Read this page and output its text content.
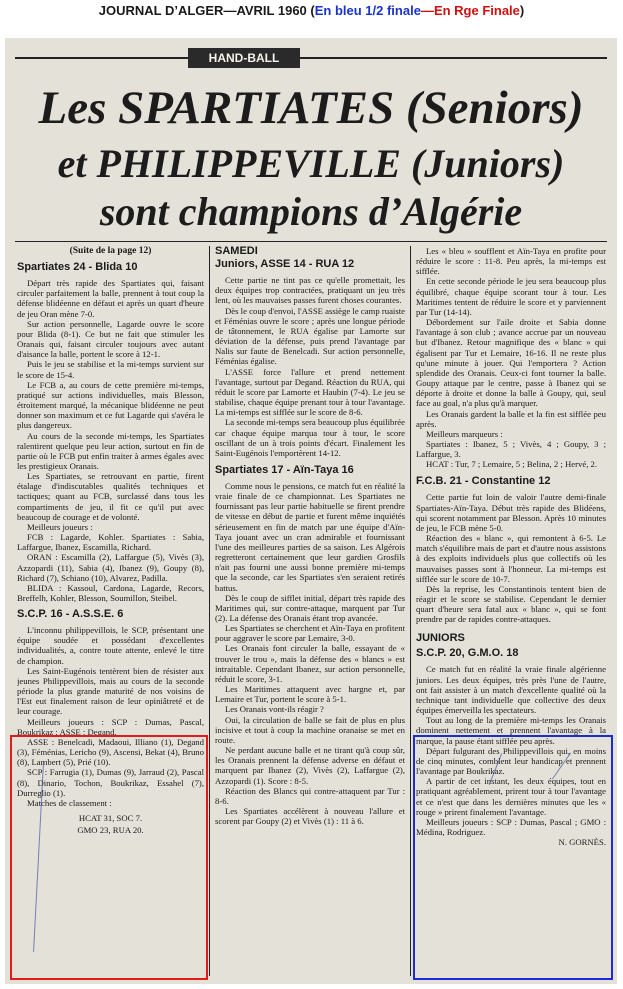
JOURNAL D’ALGER—AVRIL 1960 (En bleu 1/2 finale—En Rge Finale)
HAND-BALL
Les SPARTIATES (Seniors)
et PHILIPPEVILLE (Juniors)
sont champions d’Algérie

(Suite de la page 12)

Spartiates 24 - Blida 10

Départ très rapide des Spartiates qui, faisant circuler parfaitement la balle, prennent à tout coup la défense blidéenne en défaut et après un quart d'heure de jeu Oran mène 7-0.

Sur action personnelle, Lagarde ouvre le score pour Blida (8-1). Ce but ne fait que stimuler les Oranais qui, faisant circuler toujours avec autant d'aisance la balle, portent le score à 12-1.

Puis le jeu se stabilise et la mi-temps survient sur le score de 15-4.

Le FCB a, au cours de cette première mi-temps, pratiqué sur actions individuelles, mais Blesson, étroitement marqué, la mécanique blidéenne ne peut donner son maximum et ce fut Lagarde qui s'avéra le plus dangereux.

Au cours de la seconde mi-temps, les Spartiates ralentirent quelque peu leur action, surtout en fin de partie où le FCB put enfin traiter à armes égales avec les prestigieux Oranais.

Les Spartiates, se retrouvant en partie, firent étalage d'indiscutables qualités techniques et tactiques; quant au FCB, surclassé dans tous les compartiments de jeu, il fit ce qu'il put avec beaucoup de courage et de volonté.

Meilleurs joueurs :

FCB : Lagarde, Kohler. Spartiates : Sabia, Laffargue, Ibanez, Escamilla, Richard.

ORAN : Escamilla (2), Laffargue (5), Vivès (3), Azzopardi (11), Sabia (4), Ibanez (9), Goupy (8), Richard (7), Schiano (10), Alvarez, Padilla.

BLIDA : Kassoul, Cardona, Lagarde, Recors, Breffelh, Kohler, Blesson, Soumillon, Steibel.

S.C.P. 16 - A.S.S.E. 6

L'inconnu philippevillois, le SCP, présentant une équipe soudée et possédant d'excellentes individualités, a, contre toute attente, enlevé le titre de champion.

Les Saint-Eugénois tentèrent bien de résister aux jeunes Philippevillois, mais au cours de la seconde période la plus grande maturité de nos voisins de l'Est eut finalement raison de leur opiniâtreté et de leur courage.

Meilleurs joueurs : SCP : Dumas, Pascal, Boukrikaz ; ASSE : Degand.

ASSE : Benelcadi, Madaoui, Illiano (1), Degand (3), Féménias, Lericho (9), Ascensi, Bekat (4), Bruno (8), Lambert (5), Prié (10).

SCP : Farrugia (1), Dumas (9), Jarraud (2), Pascal (8), Dinario, Tochon, Boukrikaz, Essahel (7), Durreglio (1).

Matches de classement :

HCAT 31, SOC 7.

GMO 23, RUA 20.

SAMEDI

Juniors, ASSE 14 - RUA 12

Cette partie ne tint pas ce qu'elle promettait, les deux équipes trop contractées, pratiquant un jeu très lent, où les mauvaises passes furent choses courantes.

Dès le coup d'envoi, l'ASSE assiège le camp ruaiste et Féménias ouvre le score ; après une longue période de tâtonnement, le RUA égalise par Lamorte sur déviation de la défense, puis prend l'avantage par Nalis sur faute de Benelcadi. Sur action personnelle, Féménias égalise.

L'ASSE force l'allure et prend nettement l'avantage, surtout par Degand. Réaction du RUA, qui réduit le score par Lamorte et Haubin (7-4). Le jeu se stabilise, chaque équipe prenant tour à tour l'avantage. La mi-temps est sifflée sur le score de 8-6.

La seconde mi-temps sera beaucoup plus équilibrée car chaque équipe marqua tour à tour, le score oscillant de un à trois points d'écart. Finalement les Saint-Eugénois l'emportèrent 14-12.

Spartiates 17 - Aïn-Taya 16

Comme nous le pensions, ce match fut en réalité la vraie finale de ce championnat. Les Spartiates ne fournissant pas leur partie habituelle se firent prendre de vitesse en début de partie et furent même inquiétés sérieusement en fin de match par une équipe d'Aïn-Taya jouant avec un cran admirable et fournissant l'une des meilleures parties de sa saison. Les Algérois regretteront certainement que leur gardien Grosfils n'ait pas fourni une aussi bonne première mi-temps que la seconde, car les Spartiates s'en seraient retirés battus.

Dès le coup de sifflet initial, départ très rapide des Maritimes qui, sur contre-attaque, marquent par Tur (2). La défense des Oranais étant trop avancée.

Les Spartiates se cherchent et Aïn-Taya en profitent pour aggraver le score par Lemaire, 3-0.

Les Oranais font circuler la balle, essayant de « trouver le trou », mais la défense des « blancs » est intraitable. Cependant Ibanez, sur action personnelle, réduit le score, 3-1.

Les Maritimes attaquent avec hargne et, par Lemaire et Tur, portent le score à 5-1.

Les Oranais vont-ils réagir ?

Oui, la circulation de balle se fait de plus en plus incisive et tout à coup la machine oranaise se met en route.

Ne perdant aucune balle et ne tirant qu'à coup sûr, les Oranais prennent la défense adverse en défaut et marquent par Ibanez (2), Vivès (2), Laffargue (2), Azzopardi (1). Score : 8-5.

Réaction des Blancs qui contre-attaquent par Tur : 8-6.

Les Spartiates accélèrent à nouveau l'allure et scorent par Goupy (2) et Vivès (1) : 11 à 6.

Les « bleu » soufflent et Aïn-Taya en profite pour réduire le score : 11-8. Peu après, la mi-temps est sifflée.

En cette seconde période le jeu sera beaucoup plus équilibré, chaque équipe scorant tour à tour. Les Maritimes tentent de réduire le score et y parviennent par Tur (14-14).

Débordement sur l'aile droite et Sabia donne l'avantage à son club ; avance accrue par un nouveau but d'Ibanez. Retour magnifique des « blanc » qui égalisent par Tur et Lemaire, 16-16. Il ne reste plus qu'une minute à jouer. Qui l'emportera ? Action splendide des Oranais. Ceux-ci font tourner la balle. Goupy attaque par le centre, passe à Ibanez qui se déporte à droite et donne la balle à Goupy, qui, seul face au goal, n'a plus qu'à marquer.

Les Oranais gardent la balle et la fin est sifflée peu après.

Meilleurs marqueurs :

Spartiates : Ibanez, 5 ; Vivès, 4 ; Goupy, 3 ; Laffargue, 3.

HCAT : Tur, 7 ; Lemaire, 5 ; Belina, 2 ; Hervé, 2.

F.C.B. 21 - Constantine 12

Cette partie fut loin de valoir l'autre demi-finale Spartiates-Aïn-Taya. Début très rapide des Blidéens, qui scorent notamment par Blesson. Après 10 minutes de jeu, le FCB mène 5-0.

Réaction des « blanc », qui remontent à 6-5. Le match s'équilibre mais de part et d'autre nous assistons à des exploits individuels plus que collectifs où les mauvaises passes sont à l'honneur. La mi-temps est sifflée sur le score de 10-7.

Dès la reprise, les Constantinois tentent bien de réagir et le score se stabilise. Cependant le dernier quart d'heure sera fatal aux « blanc », qui se font prendre par de rapides contre-attaques.

JUNIORS
S.C.P. 20, G.M.O. 18

Ce match fut en réalité la vraie finale algérienne juniors. Les deux équipes, très près l'une de l'autre, ont fait assister à un match d'excellente qualité où la technique tant individuelle que collective des deux équipes émerveilla les spectateurs.

Tout au long de la première mi-temps les Oranais dominent nettement et prennent l'avantage à la marque, la pause étant sifflée peu après.

Départ fulgurant des Philippevillois qui, en moins de cinq minutes, comblent leur handicap et prennent l'avantage par Boukrikaz.

A partir de cet instant, les deux équipes, tout en pratiquant agréablement, prirent tour à tour l'avantage et ce n'est que dans les dernières minutes que les « rouge » prirent finalement l'avantage.

Meilleurs joueurs : SCP : Dumas, Pascal ; GMO : Médina, Rodriguez.

N. GORNÈS.
